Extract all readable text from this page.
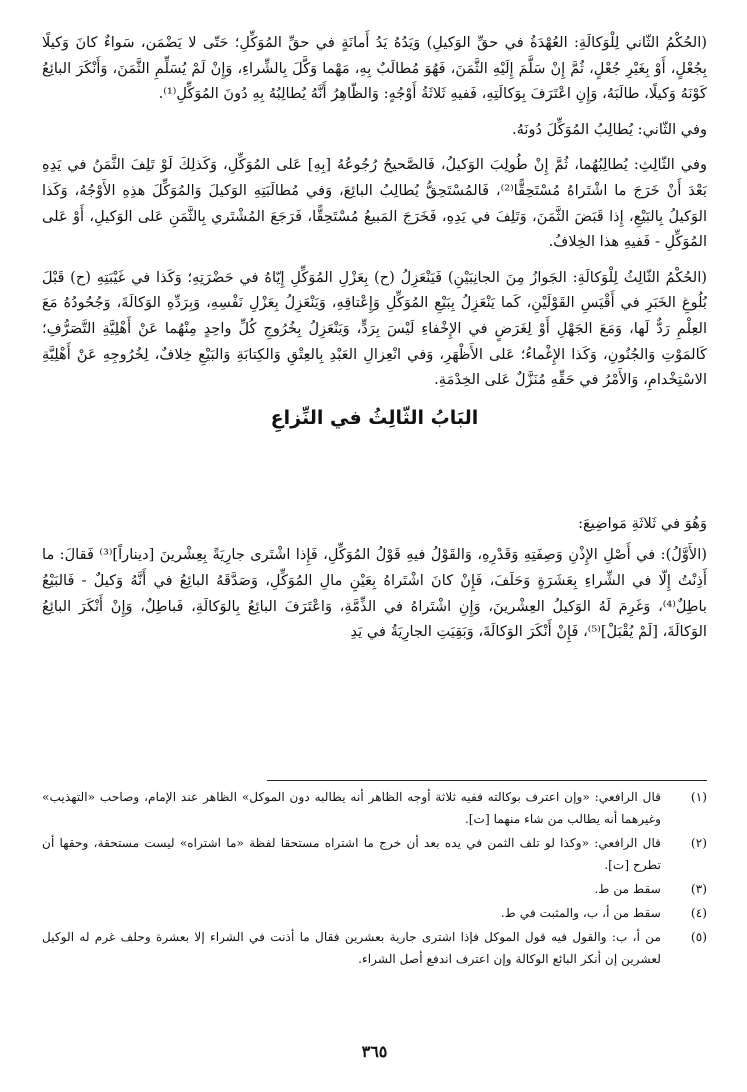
(الحُكْمُ الثّاني لِلْوَكالَةِ: العُهْدَةُ في حقِّ الوَكيلِ) وَيَدُهُ يَدُ أَمانَةٍ في حقِّ المُوَكِّلِ؛ حَتّى لا يَضْمَن، سَواءٌ كانَ وَكيلًا بِجُعْلٍ، أَوْ بِغَيْرِ جُعْلٍ، ثُمَّ إِنْ سَلَّمَ إِلَيْهِ الثَّمَنَ، فَهُوَ مُطالَبٌ بِهِ، مَهْما وَكَّلَ بِالشِّراءِ، وَإِنْ لَمْ يُسَلِّمِ الثَّمَنَ، وَأَنْكَرَ البائِعُ كَوْنَهُ وَكيلًا، طالَبَهُ، وَإِنِ اعْتَرَفَ بِوَكالَتِهِ، فَفيهِ ثَلاثَةُ أَوْجُهٍ: وَالظّاهِرُ أَنَّهُ يُطالِبُهُ بِهِ دُونَ المُوَكِّلِ⁽¹⁾.

وفي الثّاني: يُطالِبُ المُوَكِّلَ دُونَهُ.

وفي الثّالِثِ: يُطالِبُهُما، ثُمَّ إِنْ طُولِبَ الوَكيلُ، فَالصَّحيحُ رُجُوعُهُ [بِهِ] عَلى المُوَكِّلِ، وَكَذلِكَ لَوْ تَلِفَ الثَّمَنُ في يَدِهِ بَعْدَ أَنْ خَرَجَ ما اشْتَراهُ مُسْتَحِقًّا⁽²⁾، فَالمُسْتَحِقُّ يُطالِبُ البائِعَ، وَفي مُطالَبَتِهِ الوَكيلَ وَالمُوَكِّلَ هذِهِ الأَوْجُهُ، وَكَذا الوَكيلُ بِالبَيْعِ، إِذا قَبَضَ الثَّمَنَ، وَتَلِفَ في يَدِهِ، فَخَرَجَ المَبيعُ مُسْتَحِقًّا، فَرَجَعَ المُشْتَري بِالثَّمَنِ عَلى الوَكيلِ، أَوْ عَلى المُوَكِّلِ - فَفيهِ هذا الخِلافُ.

(الحُكْمُ الثّالِثُ لِلْوَكالَةِ: الجَوازُ مِنَ الجانِبَيْنِ) فَيَنْعَزِلُ (ح) بِعَزْلِ المُوَكِّلِ إِيّاهُ في حَضْرَتِهِ؛ وَكَذا في غَيْبَتِهِ (ح) قَبْلَ بُلُوغِ الخَبَرِ في أَقْيَسِ القَوْلَيْنِ، كَما يَنْعَزِلُ بِبَيْعِ المُوَكِّلِ وَإِعْتاقِهِ، وَيَنْعَزِلُ بِعَزْلِ نَفْسِهِ، وَبِرَدِّهِ الوَكالَةَ، وَجُحُودُهُ مَعَ العِلْمِ رَدٌّ لَها، وَمَعَ الجَهْلِ أَوْ لِغَرَضٍ في الإِخْفاءِ لَيْسَ بِرَدٍّ، وَيَنْعَزِلُ بِخُرُوجِ كُلِّ واحِدٍ مِنْهُما عَنْ أَهْلِيَّةِ التَّصَرُّفِ؛ كَالمَوْتِ وَالجُنُونِ، وَكَذا الإِغْماءُ؛ عَلى الأَظْهَرِ، وَفي انْعِزالِ العَبْدِ بِالعِتْقِ وَالكِتابَةِ وَالبَيْعِ خِلافٌ، لِخُرُوجِهِ عَنْ أَهْلِيَّةِ الاسْتِخْدامِ، وَالأَمْرُ في حَقِّهِ مُنَزَّلٌ عَلى الخِدْمَةِ.

البَابُ الثّالِثُ في النِّزاعِ

وَهُوَ في ثَلاثَةِ مَواضِيعَ:

(الأَوَّلُ): في أَصْلِ الإِذْنِ وَصِفَتِهِ وَقَدْرِهِ، وَالقَوْلُ فيهِ قَوْلُ المُوَكِّلِ، فَإِذا اشْتَرى جارِيَةً بِعِشْرينَ [ديناراً]⁽³⁾ فَقالَ: ما أَذِنْتُ إِلّا في الشِّراءِ بِعَشَرَةٍ وَحَلَفَ، فَإِنْ كانَ اشْتَراهُ بِعَيْنِ مالِ المُوَكِّلِ، وَصَدَّقَهُ البائِعُ في أَنَّهُ وَكيلٌ - فَالبَيْعُ باطِلٌ⁽⁴⁾، وَغَرِمَ لَهُ الوَكيلُ العِشْرينَ، وَإِنِ اشْتَراهُ في الذِّمَّةِ، وَاعْتَرَفَ البائِعُ بِالوَكالَةِ، فَباطِلٌ، وَإِنْ أَنْكَرَ البائِعُ الوَكالَةَ، [لَمْ يُقْبَلْ]⁽⁵⁾، فَإِنْ أَنْكَرَ الوَكالَةَ، وَبَقِيَتِ الجارِيَةُ في يَدِ

(١)
قال الرافعي: «وإن اعترف بوكالته ففيه ثلاثة أوجه الظاهر أنه يطالبه دون الموكل» الظاهر عند الإمام، وصاحب «التهذيب» وغيرهما أنه يطالب من شاء منهما [ت].
(٢)
قال الرافعي: «وكذا لو تلف الثمن في يده بعد أن خرج ما اشتراه مستحقا لفظة «ما اشتراه» ليست مستحقة، وحقها أن تطرح [ت].
(٣)
سقط من ط.
(٤)
سقط من أ، ب، والمثبت في ط.
(٥)
من أ، ب: والقول فيه قول الموكل فإذا اشترى جارية بعشرين فقال ما أذنت في الشراء إلا بعشرة وحلف غرم له الوكيل لعشرين إن أنكر البائع الوكالة وإن اعترف اندفع أصل الشراء.
٣٦٥
